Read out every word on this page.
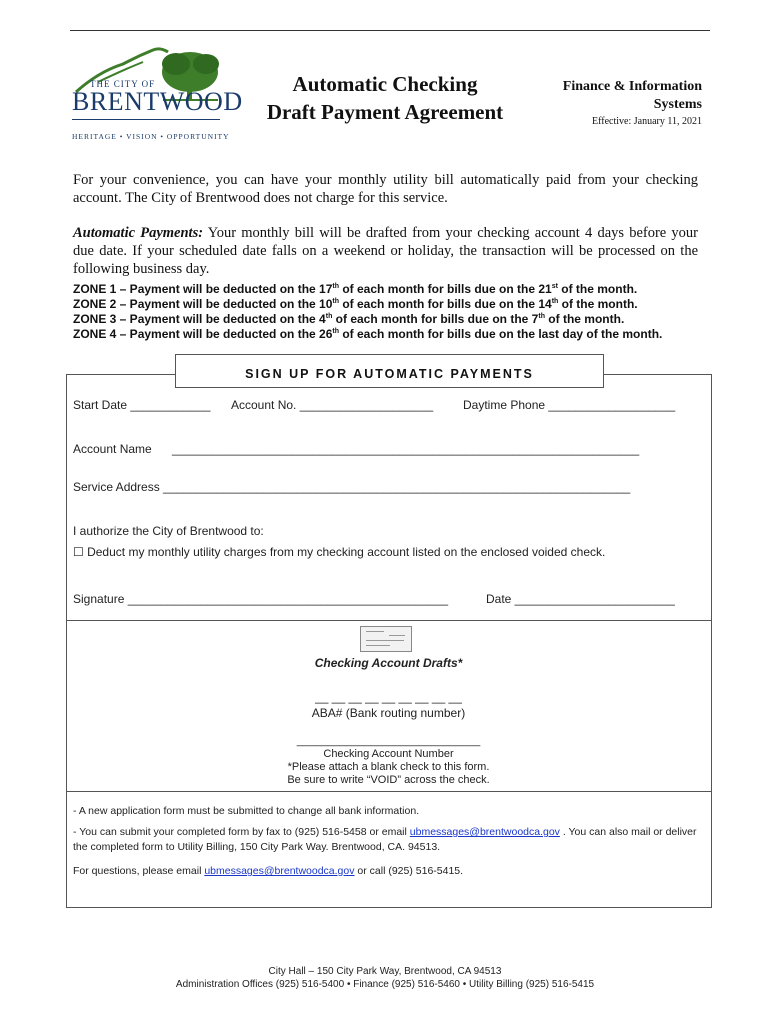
THE CITY OF
BRENTWOOD
HERITAGE • VISION • OPPORTUNITY
Automatic Checking
Draft Payment Agreement
Finance & Information
Systems
Effective: January 11, 2021
For your convenience, you can have your monthly utility bill automatically paid from your checking account. The City of Brentwood does not charge for this service.
Automatic Payments: Your monthly bill will be drafted from your checking account 4 days before your due date. If your scheduled date falls on a weekend or holiday, the transaction will be processed on the following business day.
ZONE 1 – Payment will be deducted on the 17th of each month for bills due on the 21st of the month.
ZONE 2 – Payment will be deducted on the 10th of each month for bills due on the 14th of the month.
ZONE 3 – Payment will be deducted on the 4th of each month for bills due on the 7th of the month.
ZONE 4 – Payment will be deducted on the 26th of each month for bills due on the last day of the month.
SIGN UP FOR AUTOMATIC PAYMENTS
Start Date ____________ Account No. ____________________ Daytime Phone ___________________
Account Name ______________________________________________________________________
Service Address ______________________________________________________________________
I authorize the City of Brentwood to:
☐ Deduct my monthly utility charges from my checking account listed on the enclosed voided check.
Signature ________________________________________________	Date ________________________
Checking Account Drafts*
__ __ __ __ __ __ __ __ __
ABA# (Bank routing number)
______________________________
Checking Account Number
*Please attach a blank check to this form.
Be sure to write “VOID” across the check.
- A new application form must be submitted to change all bank information.
- You can submit your completed form by fax to (925) 516-5458 or email ubmessages@brentwoodca.gov . You can also mail or deliver the completed form to Utility Billing, 150 City Park Way. Brentwood, CA. 94513.
For questions, please email ubmessages@brentwoodca.gov or call (925) 516-5415.
City Hall – 150 City Park Way, Brentwood, CA 94513
Administration Offices (925) 516-5400 • Finance (925) 516-5460 • Utility Billing (925) 516-5415
